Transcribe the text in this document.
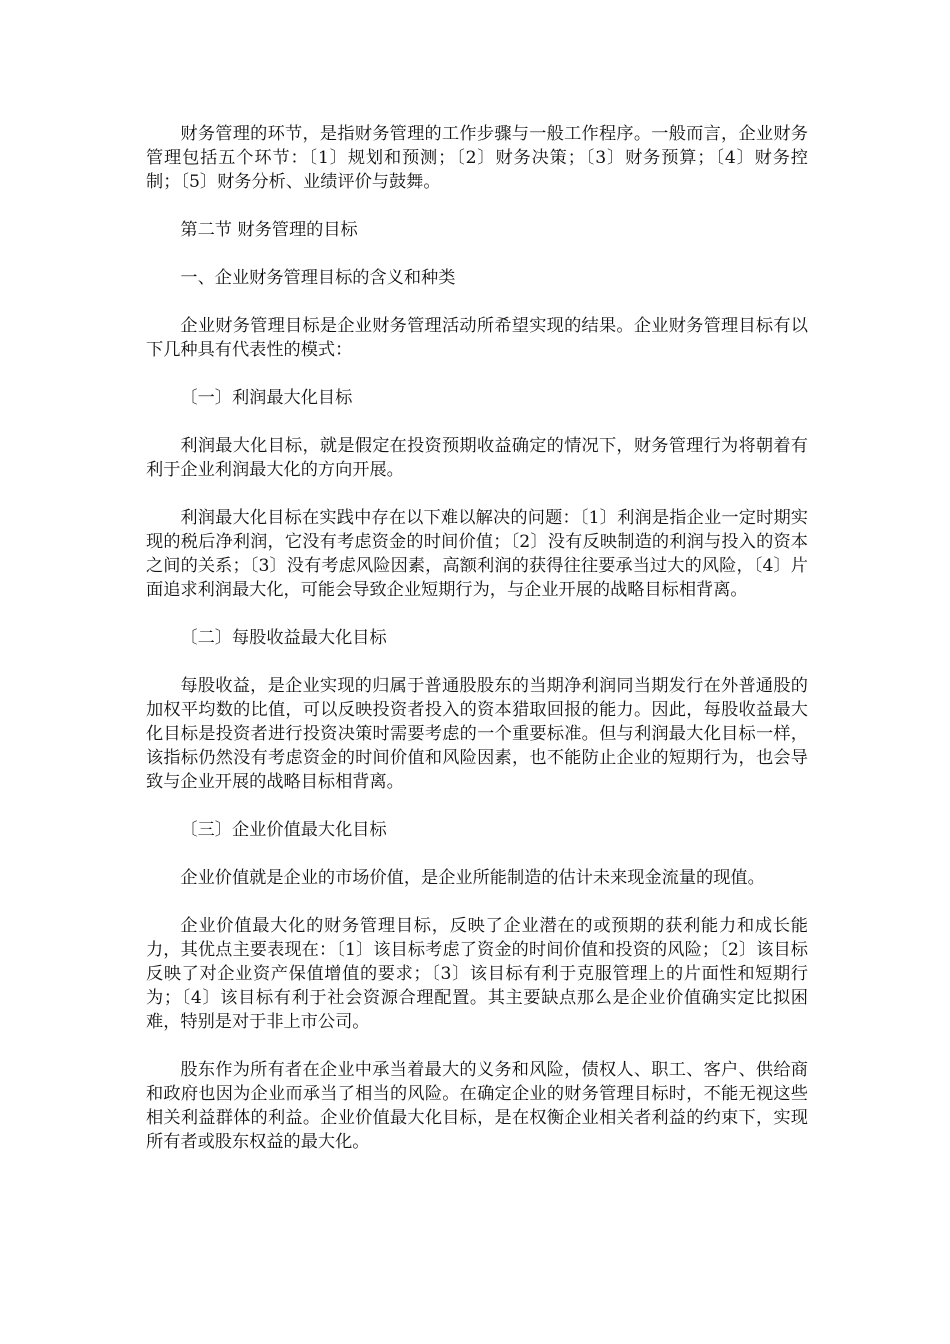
财务管理的环节，是指财务管理的工作步骤与一般工作程序。一般而言，企业财务管理包括五个环节：〔1〕规划和预测；〔2〕财务决策；〔3〕财务预算；〔4〕财务控制；〔5〕财务分析、业绩评价与鼓舞。

第二节 财务管理的目标

一、企业财务管理目标的含义和种类

企业财务管理目标是企业财务管理活动所希望实现的结果。企业财务管理目标有以下几种具有代表性的模式：

〔一〕利润最大化目标

利润最大化目标，就是假定在投资预期收益确定的情况下，财务管理行为将朝着有利于企业利润最大化的方向开展。

利润最大化目标在实践中存在以下难以解决的问题：〔1〕利润是指企业一定时期实现的税后净利润，它没有考虑资金的时间价值；〔2〕没有反映制造的利润与投入的资本之间的关系；〔3〕没有考虑风险因素，高额利润的获得往往要承当过大的风险，〔4〕片面追求利润最大化，可能会导致企业短期行为，与企业开展的战略目标相背离。

〔二〕每股收益最大化目标

每股收益，是企业实现的归属于普通股股东的当期净利润同当期发行在外普通股的加权平均数的比值，可以反映投资者投入的资本猎取回报的能力。因此，每股收益最大化目标是投资者进行投资决策时需要考虑的一个重要标准。但与利润最大化目标一样，该指标仍然没有考虑资金的时间价值和风险因素，也不能防止企业的短期行为，也会导致与企业开展的战略目标相背离。

〔三〕企业价值最大化目标

企业价值就是企业的市场价值，是企业所能制造的估计未来现金流量的现值。

企业价值最大化的财务管理目标，反映了企业潜在的或预期的获利能力和成长能力，其优点主要表现在：〔1〕该目标考虑了资金的时间价值和投资的风险；〔2〕该目标反映了对企业资产保值增值的要求；〔3〕该目标有利于克服管理上的片面性和短期行为；〔4〕该目标有利于社会资源合理配置。其主要缺点那么是企业价值确实定比拟困难，特别是对于非上市公司。

股东作为所有者在企业中承当着最大的义务和风险，债权人、职工、客户、供给商和政府也因为企业而承当了相当的风险。在确定企业的财务管理目标时，不能无视这些相关利益群体的利益。企业价值最大化目标，是在权衡企业相关者利益的约束下，实现所有者或股东权益的最大化。
